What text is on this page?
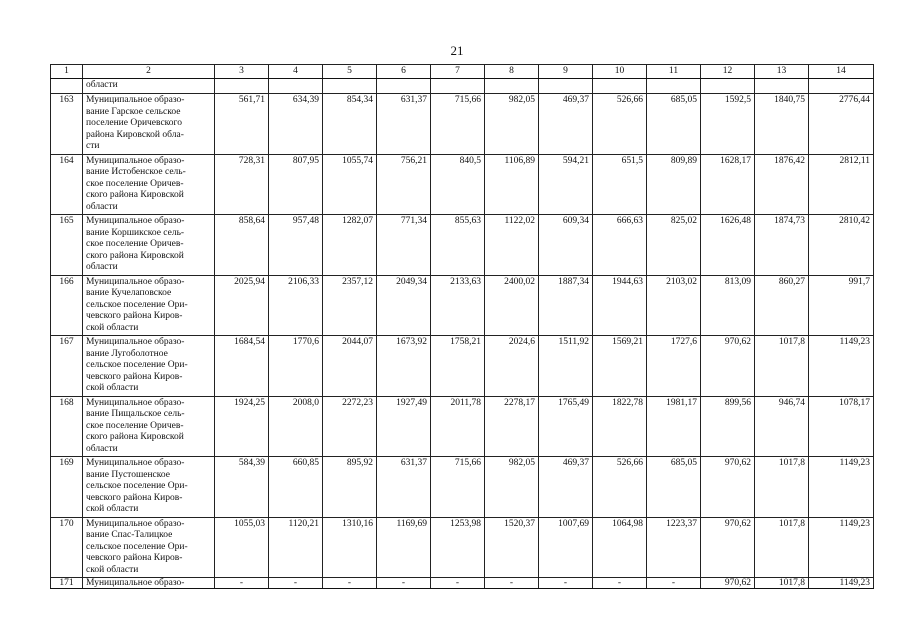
21
1	2	3	4	5	6	7	8	9	10	11	12	13	14
	области												
163	Муниципальное образо-
вание Гарское сельское
поселение Оричевского
района Кировской обла-
сти	561,71	634,39	854,34	631,37	715,66	982,05	469,37	526,66	685,05	1592,5	1840,75	2776,44
164	Муниципальное образо-
вание Истобенское сель-
ское поселение Оричев-
ского района Кировской
области	728,31	807,95	1055,74	756,21	840,5	1106,89	594,21	651,5	809,89	1628,17	1876,42	2812,11
165	Муниципальное образо-
вание Коршикское сель-
ское поселение Оричев-
ского района Кировской
области	858,64	957,48	1282,07	771,34	855,63	1122,02	609,34	666,63	825,02	1626,48	1874,73	2810,42
166	Муниципальное образо-
вание Кучелаповское
сельское поселение Ори-
чевского района Киров-
ской области	2025,94	2106,33	2357,12	2049,34	2133,63	2400,02	1887,34	1944,63	2103,02	813,09	860,27	991,7
167	Муниципальное образо-
вание Лугоболотное
сельское поселение Ори-
чевского района Киров-
ской области	1684,54	1770,6	2044,07	1673,92	1758,21	2024,6	1511,92	1569,21	1727,6	970,62	1017,8	1149,23
168	Муниципальное образо-
вание Пищальское сель-
ское поселение Оричев-
ского района Кировской
области	1924,25	2008,0	2272,23	1927,49	2011,78	2278,17	1765,49	1822,78	1981,17	899,56	946,74	1078,17
169	Муниципальное образо-
вание Пустошенское
сельское поселение Ори-
чевского района Киров-
ской области	584,39	660,85	895,92	631,37	715,66	982,05	469,37	526,66	685,05	970,62	1017,8	1149,23
170	Муниципальное образо-
вание Спас-Талицкое
сельское поселение Ори-
чевского района Киров-
ской области	1055,03	1120,21	1310,16	1169,69	1253,98	1520,37	1007,69	1064,98	1223,37	970,62	1017,8	1149,23
171	Муниципальное образо-	-	-	-	-	-	-	-	-	-	970,62	1017,8	1149,23
